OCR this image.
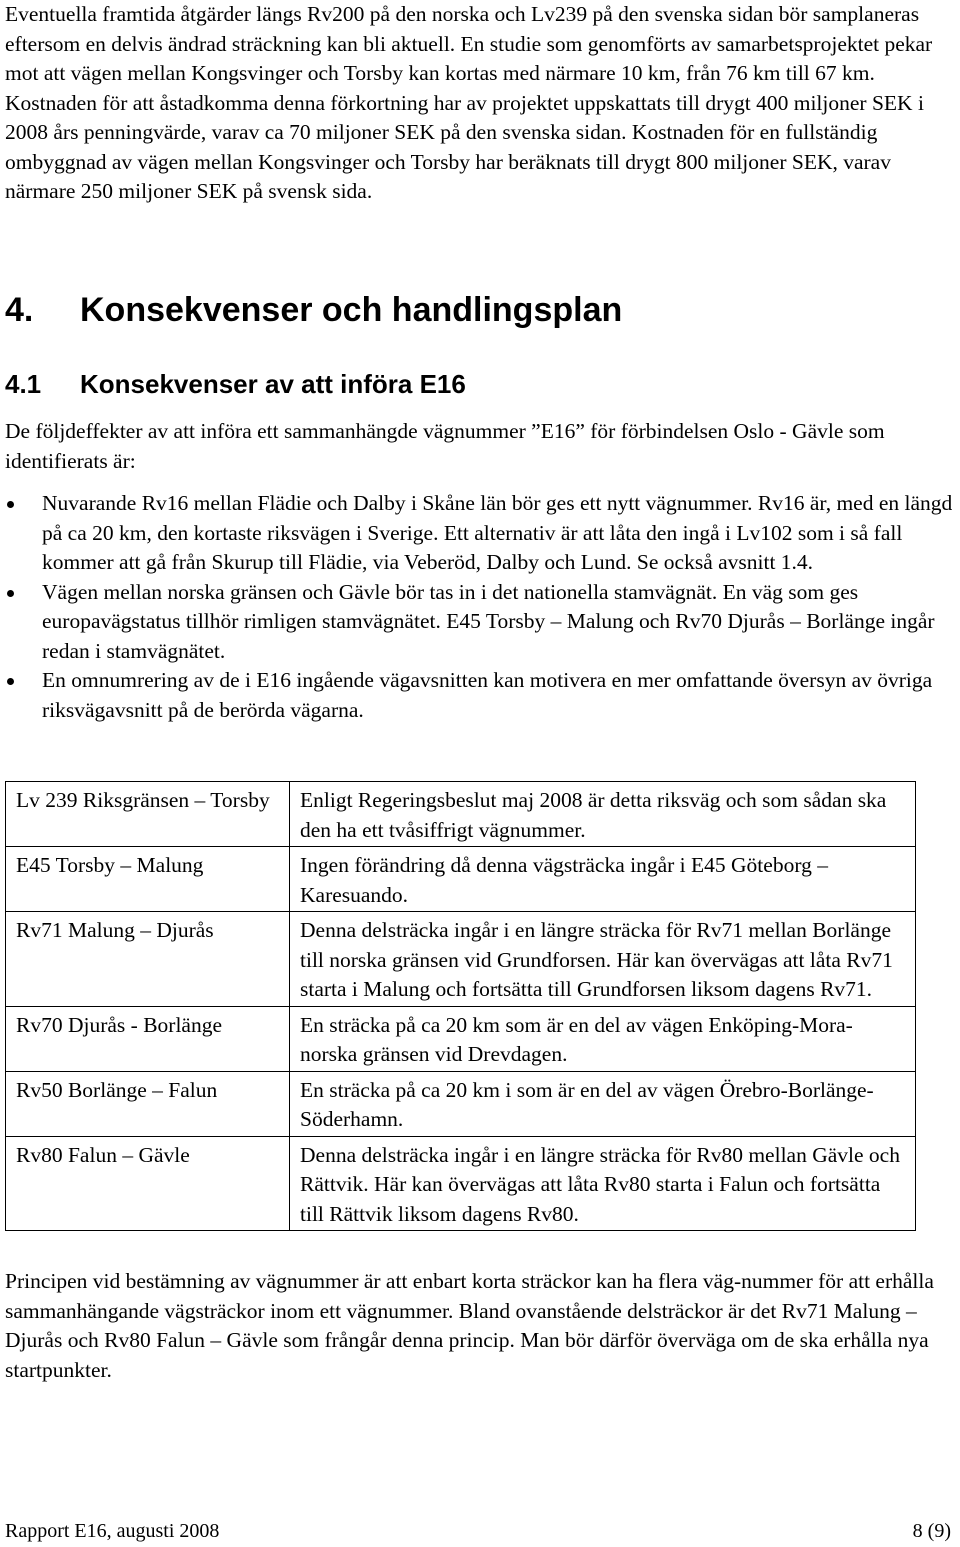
Eventuella framtida åtgärder längs Rv200 på den norska och Lv239 på den svenska sidan bör samplaneras eftersom en delvis ändrad sträckning kan bli aktuell. En studie som genomförts av samarbetsprojektet pekar mot att vägen mellan Kongsvinger och Torsby kan kortas med närmare 10 km, från 76 km till 67 km. Kostnaden för att åstadkomma denna förkortning har av projektet uppskattats till drygt 400 miljoner SEK i 2008 års penningvärde, varav ca 70 miljoner SEK på den svenska sidan. Kostnaden för en fullständig ombyggnad av vägen mellan Kongsvinger och Torsby har beräknats till drygt 800 miljoner SEK, varav närmare 250 miljoner SEK på svensk sida.

4. Konsekvenser och handlingsplan
4.1 Konsekvenser av att införa E16

De följdeffekter av att införa ett sammanhängde vägnummer ”E16” för förbindelsen Oslo - Gävle som identifierats är:

Nuvarande Rv16 mellan Flädie och Dalby i Skåne län bör ges ett nytt vägnummer. Rv16 är, med en längd på ca 20 km, den kortaste riksvägen i Sverige. Ett alternativ är att låta den ingå i Lv102 som i så fall kommer att gå från Skurup till Flädie, via Veberöd, Dalby och Lund. Se också avsnitt 1.4.
Vägen mellan norska gränsen och Gävle bör tas in i det nationella stamvägnät. En väg som ges europavägstatus tillhör rimligen stamvägnätet. E45 Torsby – Malung och Rv70 Djurås – Borlänge ingår redan i stamvägnätet.
En omnumrering av de i E16 ingående vägavsnitten kan motivera en mer omfattande översyn av övriga riksvägavsnitt på de berörda vägarna.
Lv 239 Riksgränsen – Torsby	Enligt Regeringsbeslut maj 2008 är detta riksväg och som sådan ska den ha ett tvåsiffrigt vägnummer.
E45 Torsby – Malung	Ingen förändring då denna vägsträcka ingår i E45 Göteborg – Karesuando.
Rv71 Malung – Djurås	Denna delsträcka ingår i en längre sträcka för Rv71 mellan Borlänge till norska gränsen vid Grundforsen. Här kan övervägas att låta Rv71 starta i Malung och fortsätta till Grundforsen liksom dagens Rv71.
Rv70 Djurås - Borlänge	En sträcka på ca 20 km som är en del av vägen Enköping-Mora-norska gränsen vid Drevdagen.
Rv50 Borlänge – Falun	En sträcka på ca 20 km i som är en del av vägen Örebro-Borlänge-Söderhamn.
Rv80 Falun – Gävle	Denna delsträcka ingår i en längre sträcka för Rv80 mellan Gävle och Rättvik. Här kan övervägas att låta Rv80 starta i Falun och fortsätta till Rättvik liksom dagens Rv80.

Principen vid bestämning av vägnummer är att enbart korta sträckor kan ha flera väg-nummer för att erhålla sammanhängande vägsträckor inom ett vägnummer. Bland ovanstående delsträckor är det Rv71 Malung – Djurås och Rv80 Falun – Gävle som frångår denna princip. Man bör därför överväga om de ska erhålla nya startpunkter.

Rapport E16, augusti 2008	8 (9)
